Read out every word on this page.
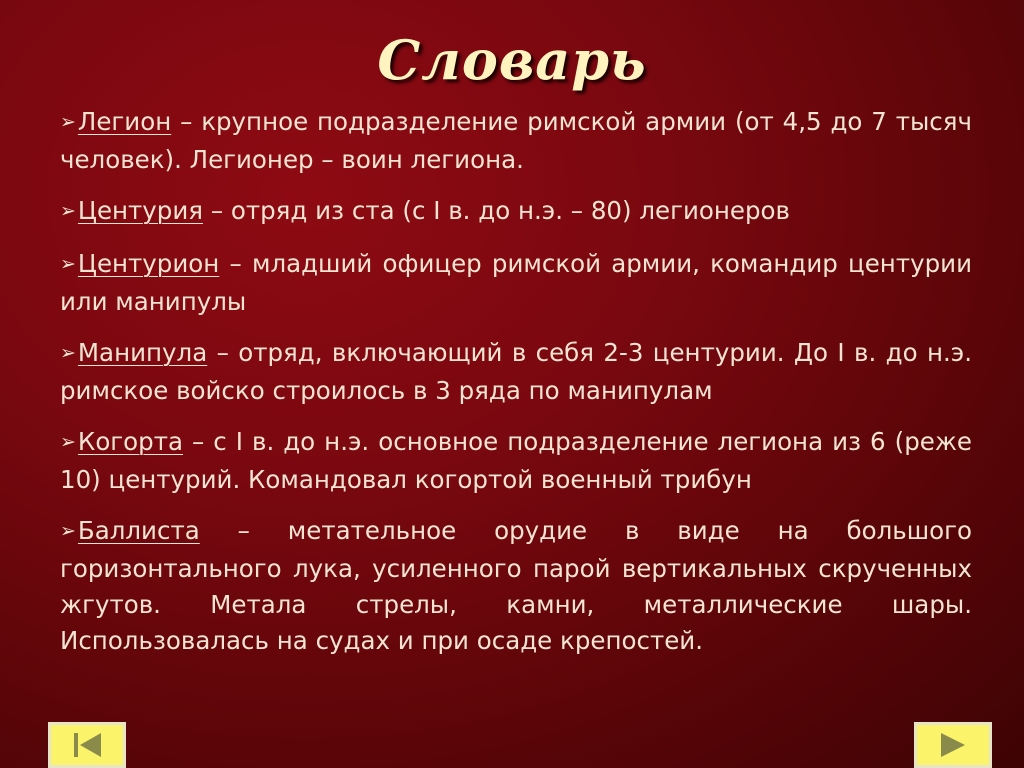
Словарь
➢Легион – крупное подразделение римской армии (от 4,5 до 7 тысяч человек). Легионер – воин легиона.
➢Центурия – отряд из ста (с I в. до н.э. – 80) легионеров
➢Центурион – младший офицер римской армии, командир центурии или манипулы
➢Манипула – отряд, включающий в себя 2-3 центурии. До I в. до н.э. римское войско строилось в 3 ряда по манипулам
➢Когорта – с I в. до н.э. основное подразделение легиона из 6 (реже 10) центурий. Командовал когортой военный трибун
➢Баллиста – метательное орудие в виде на большого горизонтального лука, усиленного парой вертикальных скрученных жгутов. Метала стрелы, камни, металлические шары. Использовалась на судах и при осаде крепостей.
